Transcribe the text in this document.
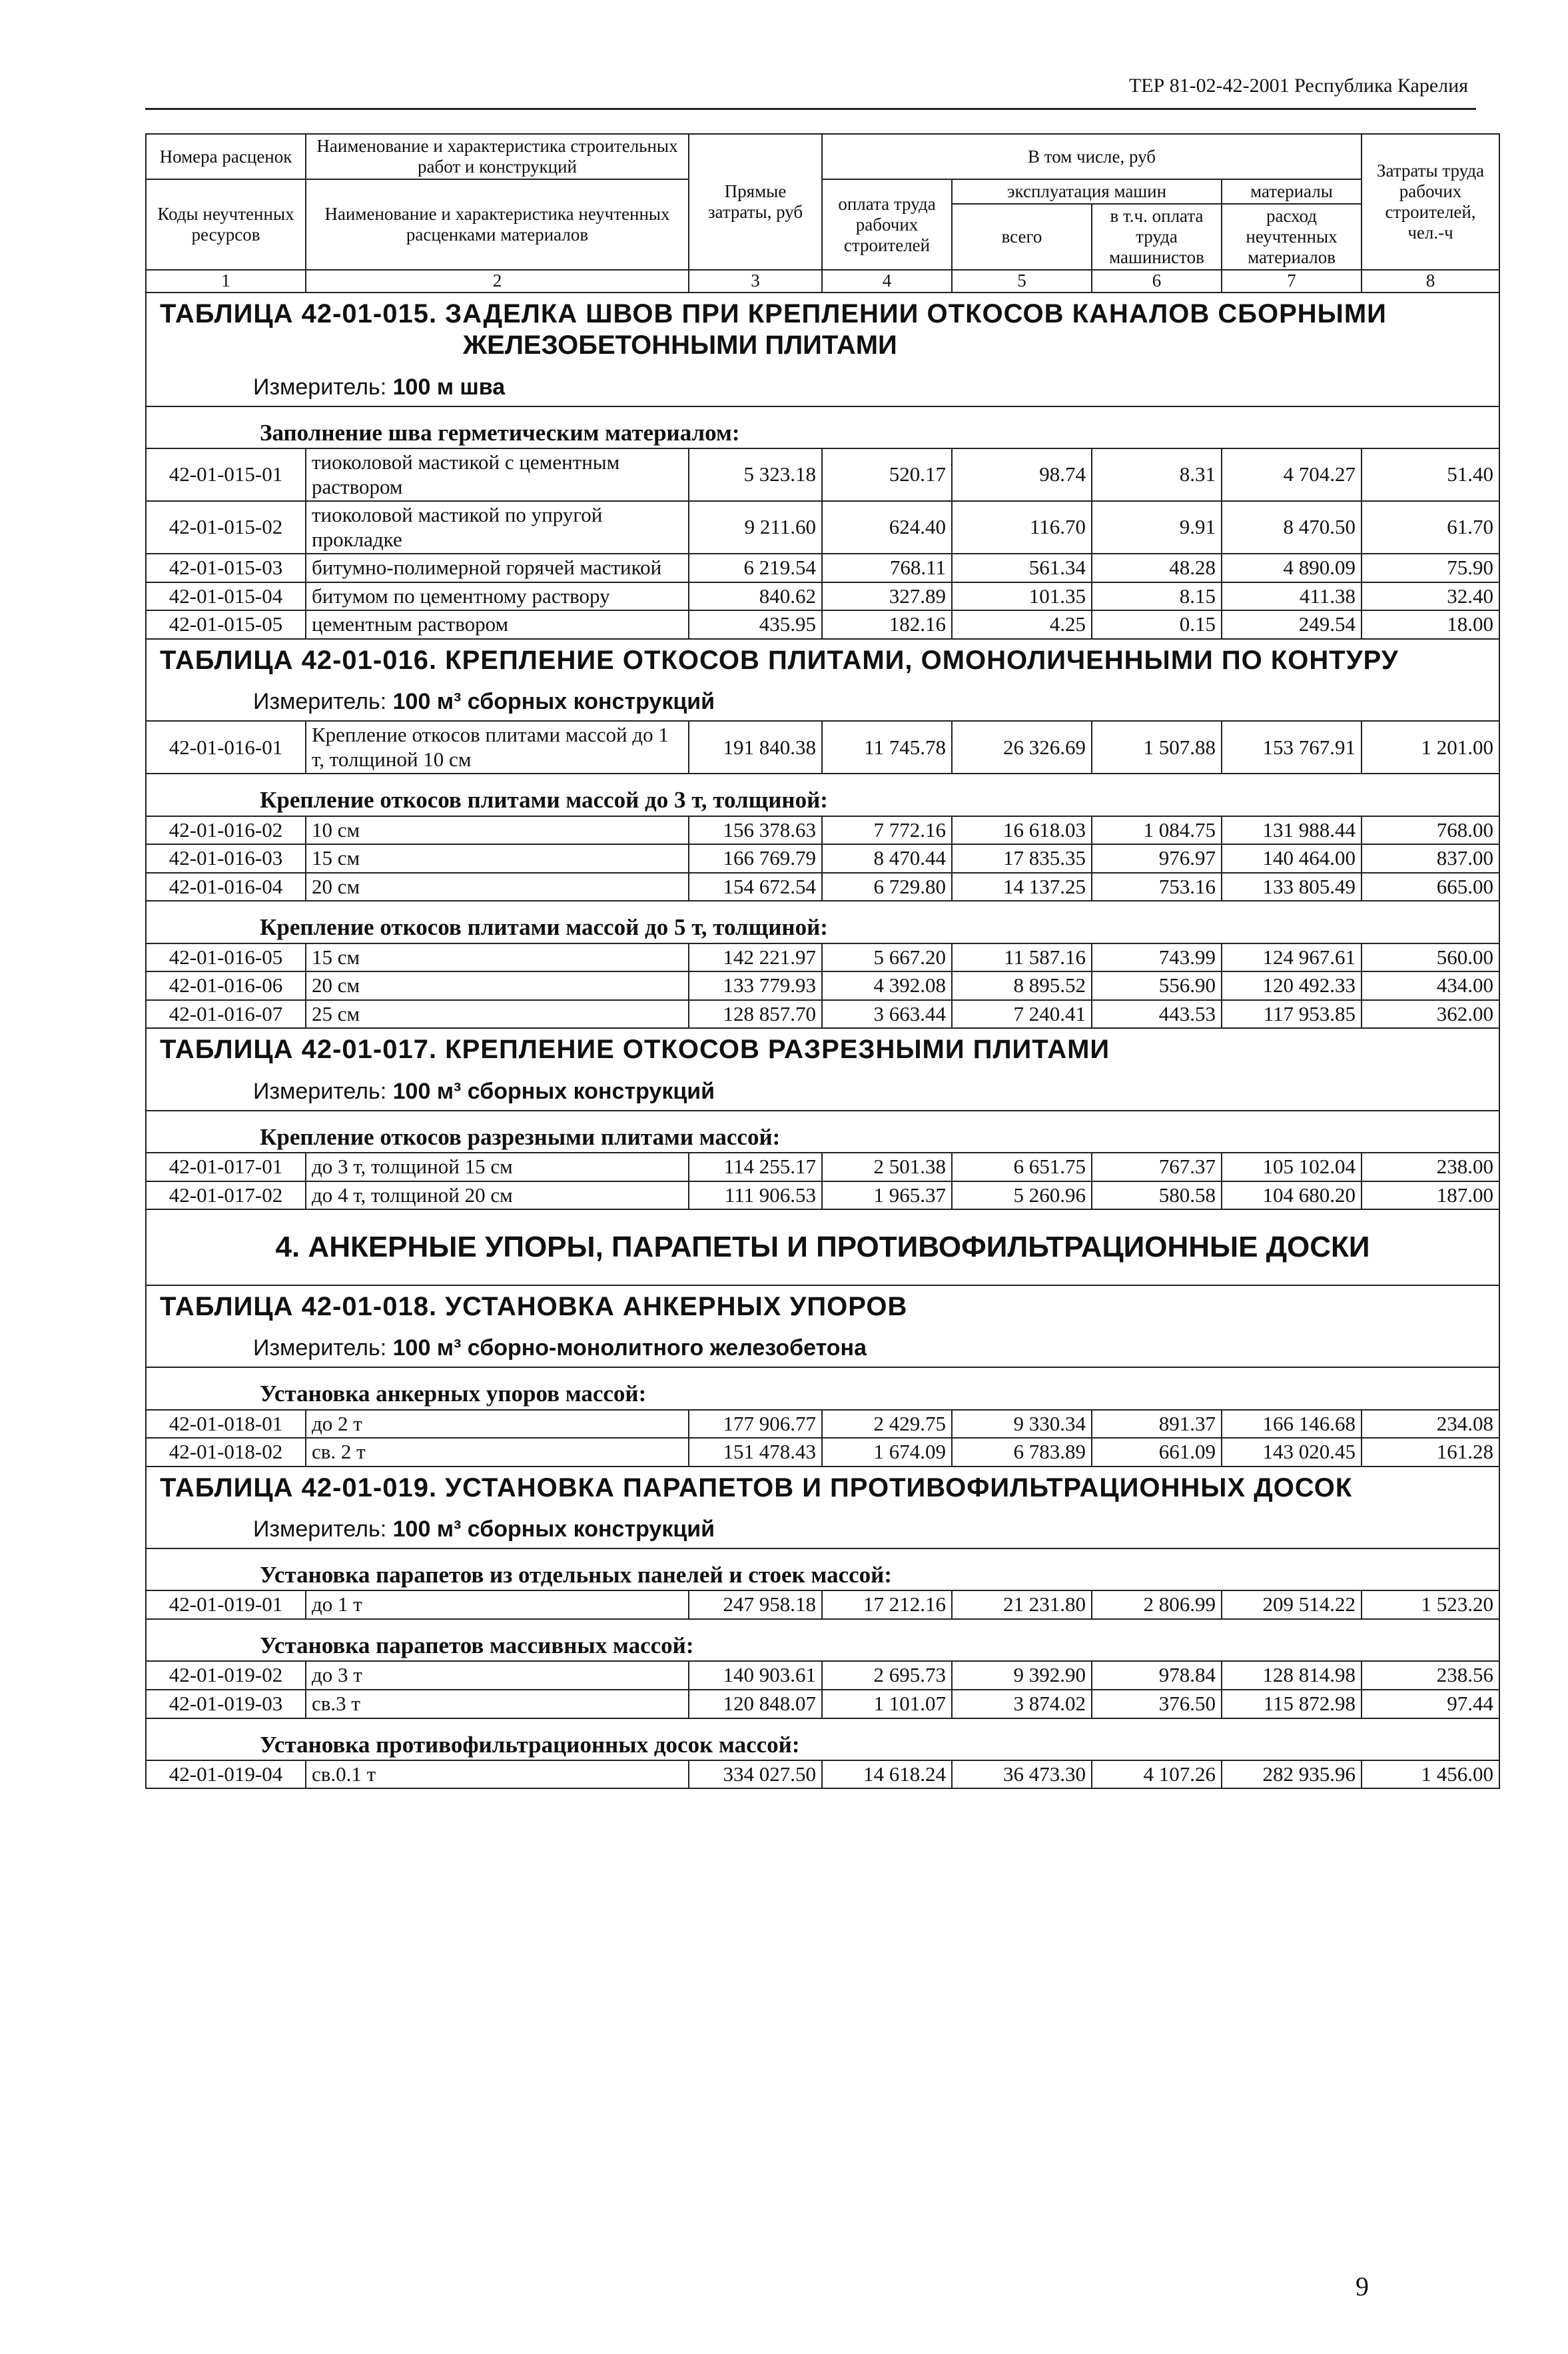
ТЕР 81-02-42-2001 Республика Карелия
Номера расценок	Наименование и характеристика строительных работ и конструкций	Прямые затраты, руб	В том числе, руб				Затраты труда рабочих строителей, чел.-ч
Коды неучтенных ресурсов	Наименование и характеристика неучтенных расценками материалов		оплата труда рабочих строителей	эксплуатация машин		материалы	
				всего	в т.ч. оплата труда машинистов	расход неучтенных материалов	

1	2	3	4	5	6	7	8

ТАБЛИЦА 42-01-015. ЗАДЕЛКА ШВОВ ПРИ КРЕПЛЕНИИ ОТКОСОВ КАНАЛОВ СБОРНЫМИ
ЖЕЛЕЗОБЕТОННЫМИ ПЛИТАМИ
Измеритель: 100 м шва							

Заполнение шва герметическим материалом:							
42-01-015-01	тиоколовой мастикой с цементным раствором	5 323.18	520.17	98.74	8.31	4 704.27	51.40
42-01-015-02	тиоколовой мастикой по упругой прокладке	9 211.60	624.40	116.70	9.91	8 470.50	61.70
42-01-015-03	битумно-полимерной горячей мастикой	6 219.54	768.11	561.34	48.28	4 890.09	75.90
42-01-015-04	битумом по цементному раствору	840.62	327.89	101.35	8.15	411.38	32.40
42-01-015-05	цементным раствором	435.95	182.16	4.25	0.15	249.54	18.00

ТАБЛИЦА 42-01-016. КРЕПЛЕНИЕ ОТКОСОВ ПЛИТАМИ, ОМОНОЛИЧЕННЫМИ ПО КОНТУРУ
Измеритель: 100 м³ сборных конструкций							

42-01-016-01	Крепление откосов плитами массой до 1 т, толщиной 10 см	191 840.38	11 745.78	26 326.69	1 507.88	153 767.91	1 201.00
Крепление откосов плитами массой до 3 т, толщиной:							
42-01-016-02	10 см	156 378.63	7 772.16	16 618.03	1 084.75	131 988.44	768.00
42-01-016-03	15 см	166 769.79	8 470.44	17 835.35	976.97	140 464.00	837.00
42-01-016-04	20 см	154 672.54	6 729.80	14 137.25	753.16	133 805.49	665.00
Крепление откосов плитами массой до 5 т, толщиной:							
42-01-016-05	15 см	142 221.97	5 667.20	11 587.16	743.99	124 967.61	560.00
42-01-016-06	20 см	133 779.93	4 392.08	8 895.52	556.90	120 492.33	434.00
42-01-016-07	25 см	128 857.70	3 663.44	7 240.41	443.53	117 953.85	362.00

ТАБЛИЦА 42-01-017. КРЕПЛЕНИЕ ОТКОСОВ РАЗРЕЗНЫМИ ПЛИТАМИ
Измеритель: 100 м³ сборных конструкций							

Крепление откосов разрезными плитами массой:							
42-01-017-01	до 3 т, толщиной 15 см	114 255.17	2 501.38	6 651.75	767.37	105 102.04	238.00
42-01-017-02	до 4 т, толщиной 20 см	111 906.53	1 965.37	5 260.96	580.58	104 680.20	187.00
4. АНКЕРНЫЕ УПОРЫ, ПАРАПЕТЫ И ПРОТИВОФИЛЬТРАЦИОННЫЕ ДОСКИ							

ТАБЛИЦА 42-01-018. УСТАНОВКА АНКЕРНЫХ УПОРОВ
Измеритель: 100 м³ сборно-монолитного железобетона							

Установка анкерных упоров массой:							
42-01-018-01	до 2 т	177 906.77	2 429.75	9 330.34	891.37	166 146.68	234.08
42-01-018-02	св. 2 т	151 478.43	1 674.09	6 783.89	661.09	143 020.45	161.28

ТАБЛИЦА 42-01-019. УСТАНОВКА ПАРАПЕТОВ И ПРОТИВОФИЛЬТРАЦИОННЫХ ДОСОК
Измеритель: 100 м³ сборных конструкций							

Установка парапетов из отдельных панелей и стоек массой:							
42-01-019-01	до 1 т	247 958.18	17 212.16	21 231.80	2 806.99	209 514.22	1 523.20
Установка парапетов массивных массой:							
42-01-019-02	до 3 т	140 903.61	2 695.73	9 392.90	978.84	128 814.98	238.56
42-01-019-03	св.3 т	120 848.07	1 101.07	3 874.02	376.50	115 872.98	97.44
Установка противофильтрационных досок массой:							
42-01-019-04	св.0.1 т	334 027.50	14 618.24	36 473.30	4 107.26	282 935.96	1 456.00
9
